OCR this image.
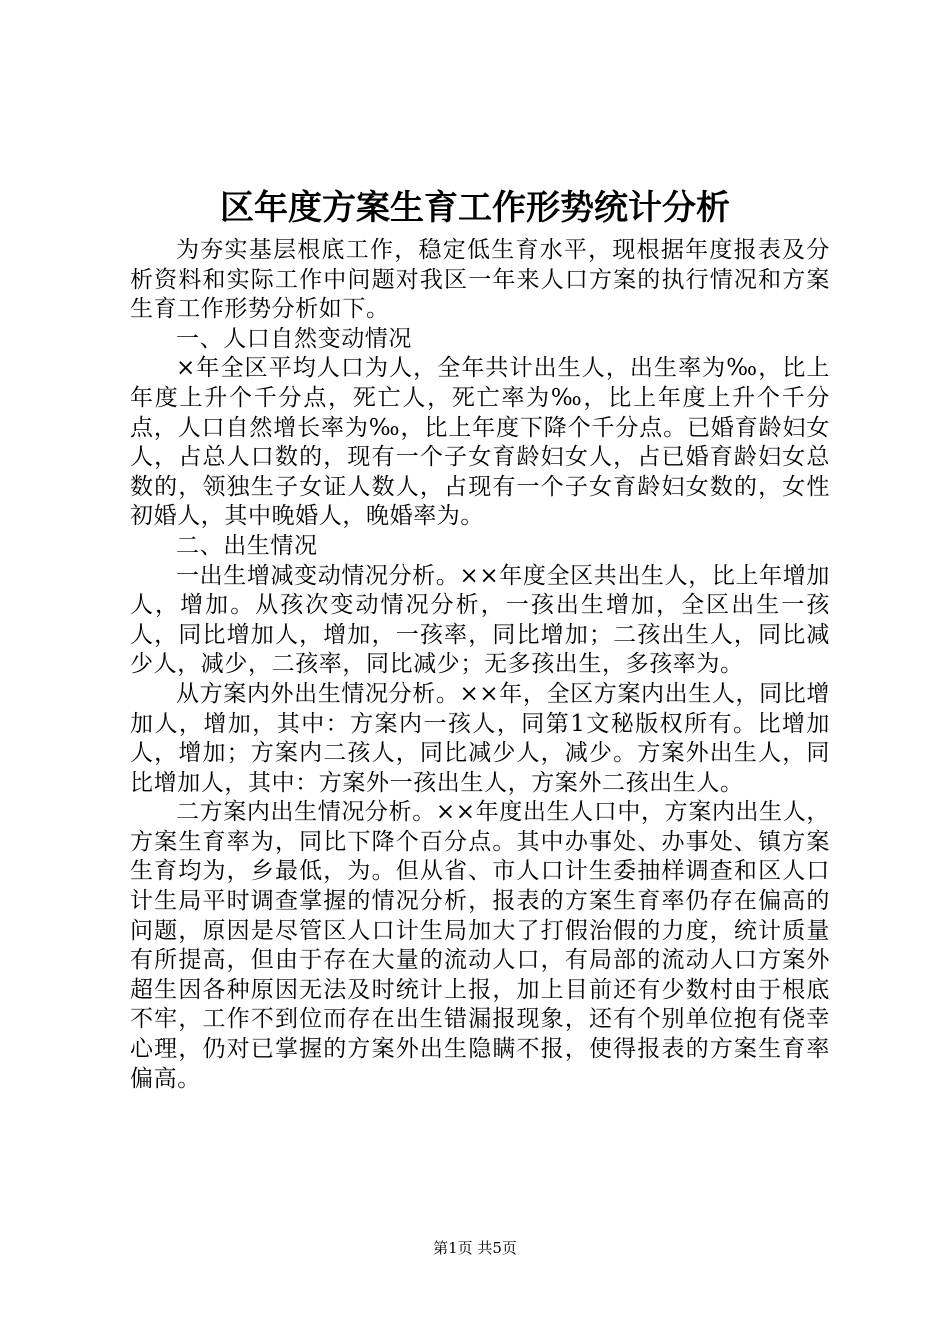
区年度方案生育工作形势统计分析

为夯实基层根底工作，稳定低生育水平，现根据年度报表及分析资料和实际工作中问题对我区一年来人口方案的执行情况和方案生育工作形势分析如下。

一、人口自然变动情况

×年全区平均人口为人，全年共计出生人，出生率为‰，比上年度上升个千分点，死亡人，死亡率为‰，比上年度上升个千分点，人口自然增长率为‰，比上年度下降个千分点。已婚育龄妇女人，占总人口数的，现有一个子女育龄妇女人，占已婚育龄妇女总数的，领独生子女证人数人，占现有一个子女育龄妇女数的，女性初婚人，其中晚婚人，晚婚率为。

二、出生情况

一出生增减变动情况分析。××年度全区共出生人，比上年增加人，增加。从孩次变动情况分析，一孩出生增加，全区出生一孩人，同比增加人，增加，一孩率，同比增加；二孩出生人，同比减少人，减少，二孩率，同比减少；无多孩出生，多孩率为。

从方案内外出生情况分析。××年，全区方案内出生人，同比增加人，增加，其中：方案内一孩人，同第1文秘版权所有。比增加人，增加；方案内二孩人，同比减少人，减少。方案外出生人，同比增加人，其中：方案外一孩出生人，方案外二孩出生人。

二方案内出生情况分析。××年度出生人口中，方案内出生人，方案生育率为，同比下降个百分点。其中办事处、办事处、镇方案生育均为，乡最低，为。但从省、市人口计生委抽样调查和区人口计生局平时调查掌握的情况分析，报表的方案生育率仍存在偏高的问题，原因是尽管区人口计生局加大了打假治假的力度，统计质量有所提高，但由于存在大量的流动人口，有局部的流动人口方案外超生因各种原因无法及时统计上报，加上目前还有少数村由于根底不牢，工作不到位而存在出生错漏报现象，还有个别单位抱有侥幸心理，仍对已掌握的方案外出生隐瞒不报，使得报表的方案生育率偏高。

第1页 共5页
